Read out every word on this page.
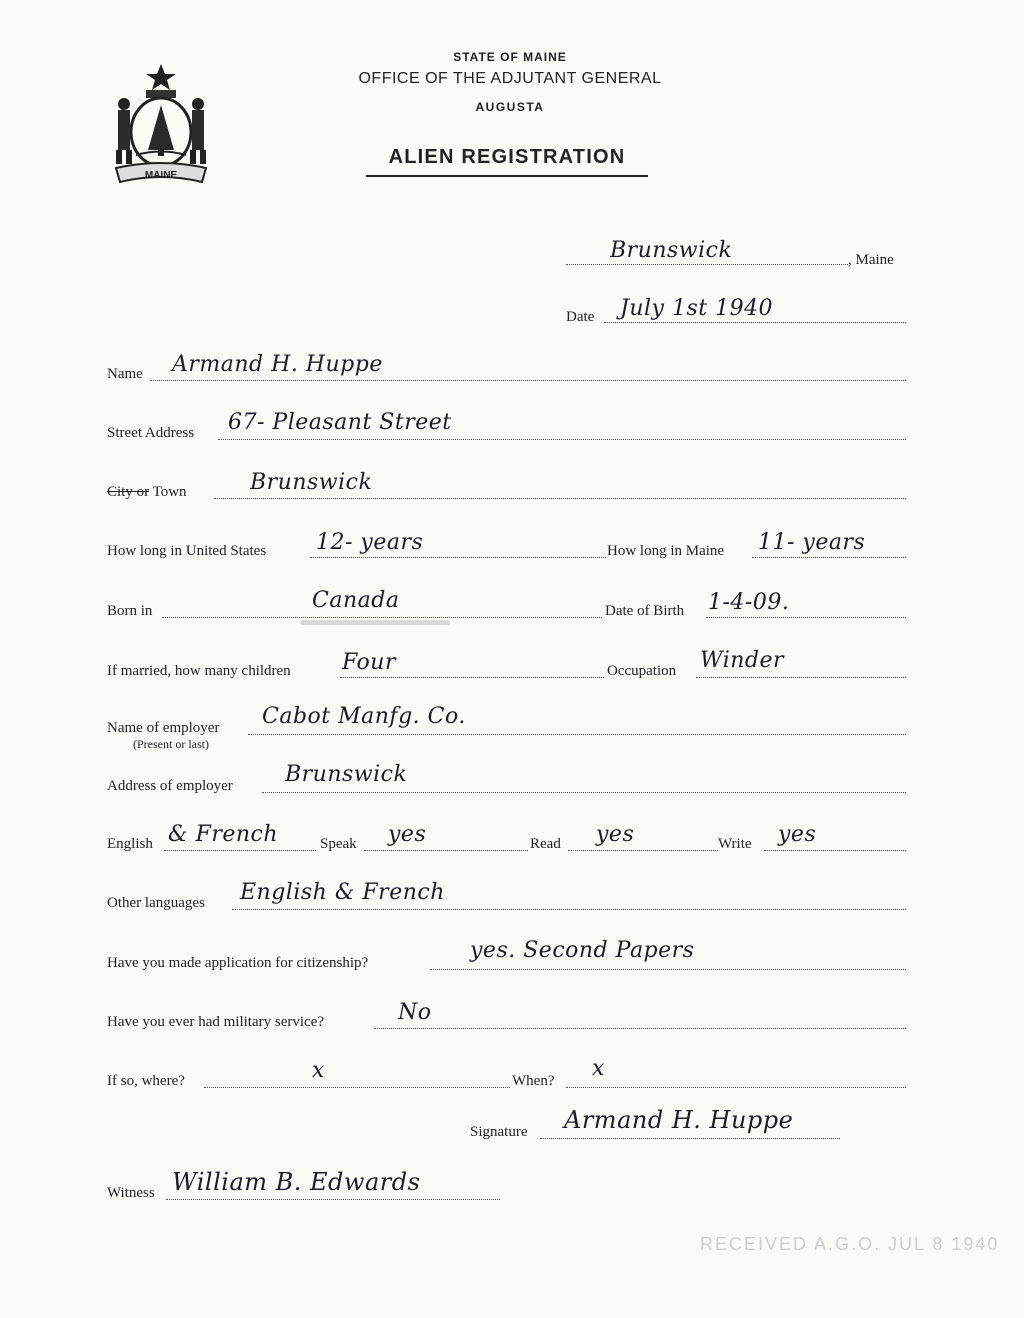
MAINE
STATE OF MAINE
OFFICE OF THE ADJUTANT GENERAL
AUGUSTA
ALIEN REGISTRATION
Brunswick	, Maine
Date July 1st 1940
Name Armand H. Huppe
Street Address 67- Pleasant Street
City or Town	Brunswick
How long in United States 12- years	How long in Maine 11- years
Born in	Canada	Date of Birth 1-4-09.
If married, how many children Four	Occupation Winder
Name of employer
(Present or last)
Cabot Manfg. Co.
Address of employer Brunswick
English & French	Speak yes	Read yes	Write yes
Other languages English & French
Have you made application for citizenship?	yes. Second Papers
Have you ever had military service?	No
If so, where?	x	When? x
Signature Armand H. Huppe
Witness William B. Edwards
RECEIVED A.G.O. JUL 8 1940
